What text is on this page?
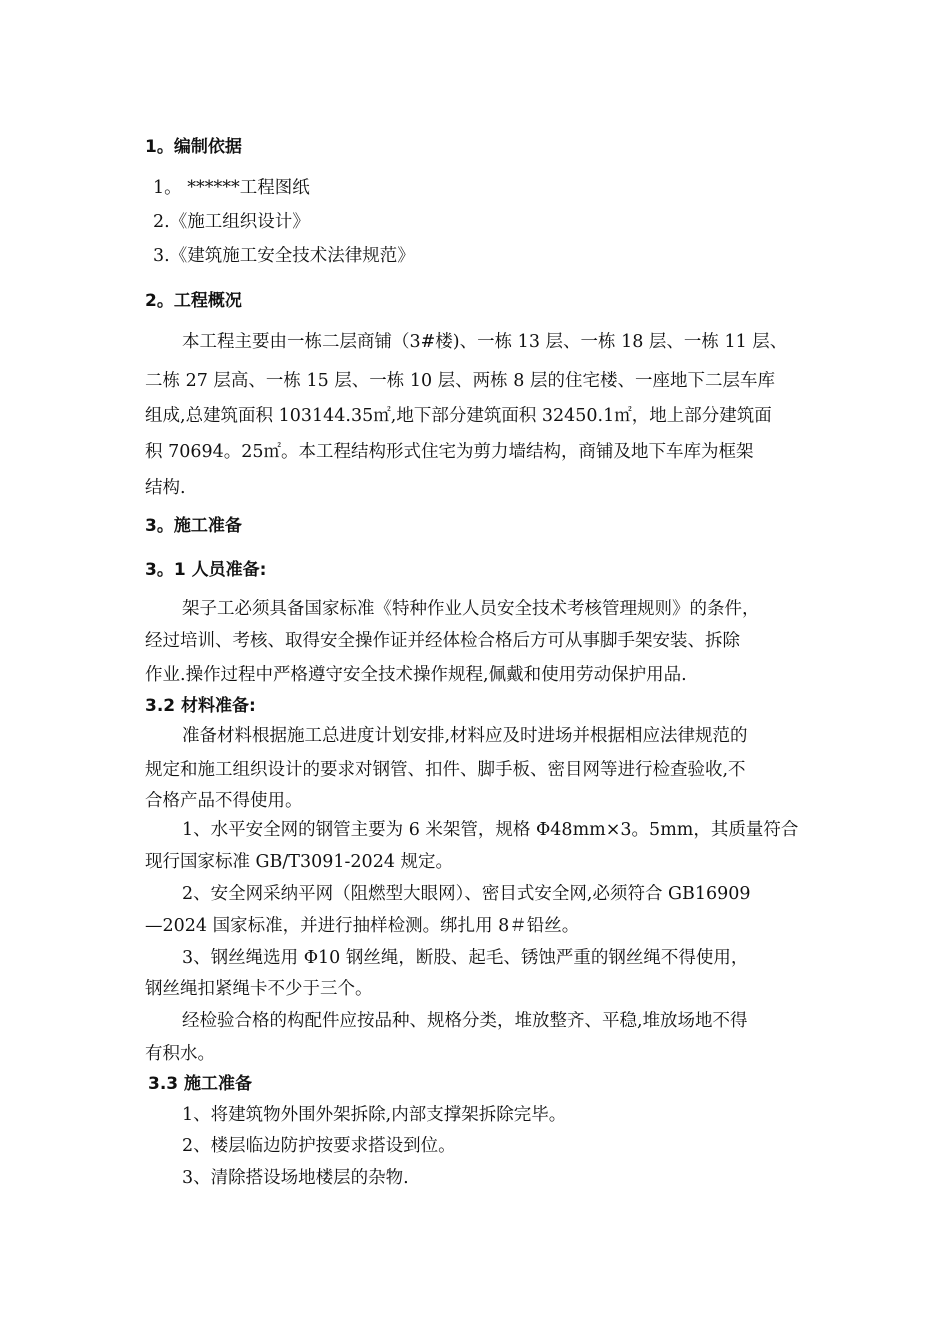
1。编制依据
1。 ******工程图纸
2.《施工组织设计》
3.《建筑施工安全技术法律规范》
2。工程概况
本工程主要由一栋二层商铺（3#楼)、一栋 13 层、一栋 18 层、一栋 11 层、
二栋 27 层高、一栋 15 层、一栋 10 层、两栋 8 层的住宅楼、一座地下二层车库
组成,总建筑面积 103144.35㎡,地下部分建筑面积 32450.1㎡，地上部分建筑面
积 70694。25㎡。本工程结构形式住宅为剪力墙结构，商铺及地下车库为框架
结构.
3。施工准备
3。1 人员准备:
架子工必须具备国家标准《特种作业人员安全技术考核管理规则》的条件，
经过培训、考核、取得安全操作证并经体检合格后方可从事脚手架安装、拆除
作业.操作过程中严格遵守安全技术操作规程,佩戴和使用劳动保护用品.
3.2 材料准备:
准备材料根据施工总进度计划安排,材料应及时进场并根据相应法律规范的
规定和施工组织设计的要求对钢管、扣件、脚手板、密目网等进行检查验收,不
合格产品不得使用。
1、水平安全网的钢管主要为 6 米架管，规格 Φ48mm×3。5mm，其质量符合
现行国家标准 GB/T3091-2024 规定。
2、安全网采纳平网（阻燃型大眼网）、密目式安全网,必须符合 GB16909
—2024 国家标准，并进行抽样检测。绑扎用 8＃铅丝。
3、钢丝绳选用 Φ10 钢丝绳，断股、起毛、锈蚀严重的钢丝绳不得使用，
钢丝绳扣紧绳卡不少于三个。
经检验合格的构配件应按品种、规格分类，堆放整齐、平稳,堆放场地不得
有积水。
3.3 施工准备
1、将建筑物外围外架拆除,内部支撑架拆除完毕。
2、楼层临边防护按要求搭设到位。
3、清除搭设场地楼层的杂物.
